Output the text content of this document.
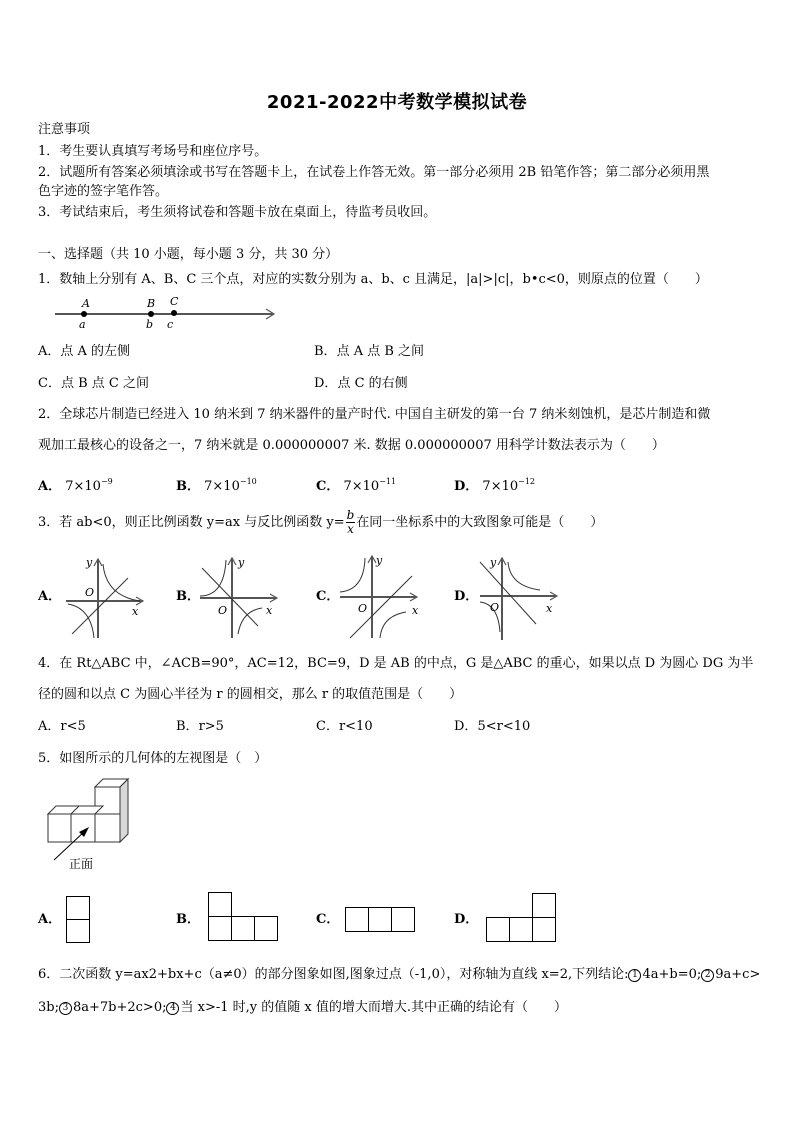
2021-2022中考数学模拟试卷
注意事项
1．考生要认真填写考场号和座位序号。
2．试题所有答案必须填涂或书写在答题卡上，在试卷上作答无效。第一部分必须用 2B 铅笔作答；第二部分必须用黑
色字迹的签字笔作答。
3．考试结束后，考生须将试卷和答题卡放在桌面上，待监考员收回。
一、选择题（共 10 小题，每小题 3 分，共 30 分）
1．数轴上分别有 A、B、C 三个点，对应的实数分别为 a、b、c 且满足，|a|>|c|，b•c<0，则原点的位置（　　）
A
a
B
b
C
c
A．点 A 的左侧	B．点 A 点 B 之间
C．点 B 点 C 之间	D．点 C 的右侧
2．全球芯片制造已经进入 10 纳米到 7 纳米器件的量产时代. 中国自主研发的第一台 7 纳米刻蚀机，是芯片制造和微
观加工最核心的设备之一，7 纳米就是 0.000000007 米. 数据 0.000000007 用科学计数法表示为（　　）
A． $7\times 10^{-9}$	B． $7\times 10^{-10}$	C． $7\times 10^{-11}$	D． $7\times 10^{-12}$
3．若 ab<0，则正比例函数 y=ax 与反比例函数 $y= \frac{b}{x}$ 在同一坐标系中的大致图象可能是（　　）
A．
y
O
x
B．
y
O	x
C．
y
O	x
D．
y
O	x
4．在 Rt△ABC 中，∠ACB=90°，AC=12，BC=9，D 是 AB 的中点，G 是△ABC 的重心，如果以点 D 为圆心 DG 为半
径的圆和以点 C 为圆心半径为 r 的圆相交，那么 r 的取值范围是（　　）
A．r<5	B．r>5	C．r<10	D．5<r<10
5．如图所示的几何体的左视图是（　）
正面
A．	B．	C．	D．
6．二次函数 y=ax2+bx+c（a≠0）的部分图象如图,图象过点（-1,0），对称轴为直线 x=2,下列结论: 1 4a+b=0; 2 9a+c>
3b; 3 8a+7b+2c>0; 4 当 x>-1 时,y 的值随 x 值的增大而增大.其中正确的结论有（　　）
